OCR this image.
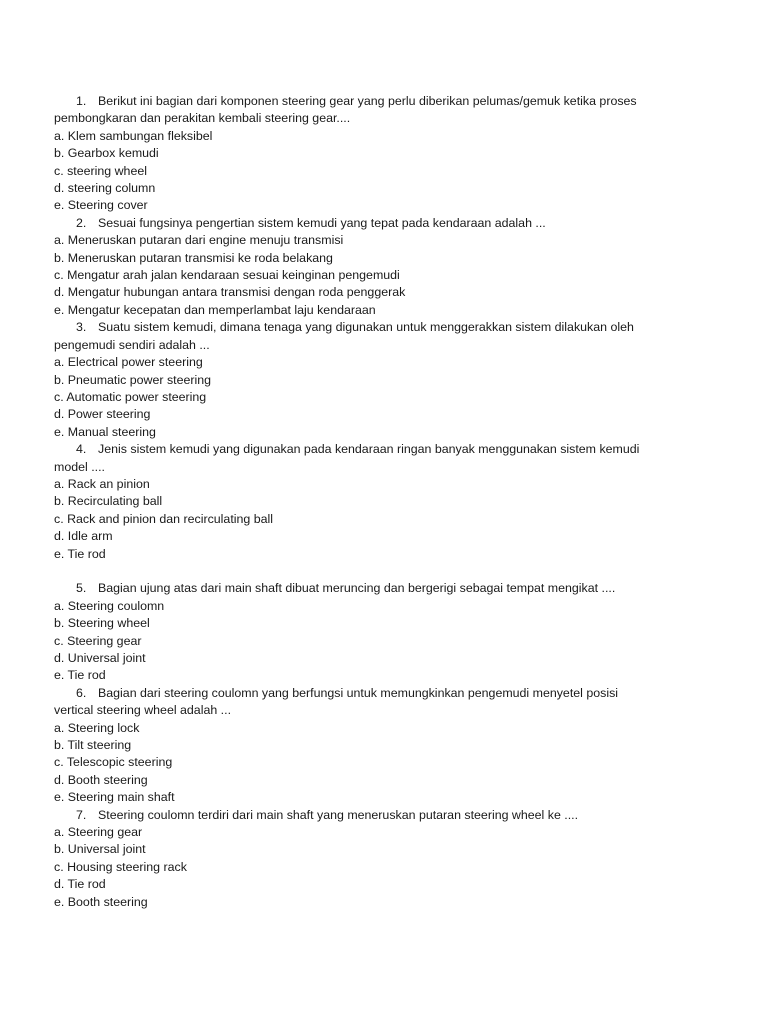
1. Berikut ini bagian dari komponen steering gear yang perlu diberikan pelumas/gemuk ketika proses
pembongkaran dan perakitan kembali steering gear....
a. Klem sambungan fleksibel
b. Gearbox kemudi
c. steering wheel
d. steering column
e. Steering cover
2. Sesuai fungsinya pengertian sistem kemudi yang tepat pada kendaraan adalah ...
a. Meneruskan putaran dari engine menuju transmisi
b. Meneruskan putaran transmisi ke roda belakang
c. Mengatur arah jalan kendaraan sesuai keinginan pengemudi
d. Mengatur hubungan antara transmisi dengan roda penggerak
e. Mengatur kecepatan dan memperlambat laju kendaraan
3. Suatu sistem kemudi, dimana tenaga yang digunakan untuk menggerakkan sistem dilakukan oleh
pengemudi sendiri adalah ...
a. Electrical power steering
b. Pneumatic power steering
c. Automatic power steering
d. Power steering
e. Manual steering
4. Jenis sistem kemudi yang digunakan pada kendaraan ringan banyak menggunakan sistem kemudi
model ....
a. Rack an pinion
b. Recirculating ball
c. Rack and pinion dan recirculating ball
d. Idle arm
e. Tie rod
5. Bagian ujung atas dari main shaft dibuat meruncing dan bergerigi sebagai tempat mengikat ....
a. Steering coulomn
b. Steering wheel
c. Steering gear
d. Universal joint
e. Tie rod
6. Bagian dari steering coulomn yang berfungsi untuk memungkinkan pengemudi menyetel posisi
vertical steering wheel adalah ...
a. Steering lock
b. Tilt steering
c. Telescopic steering
d. Booth steering
e. Steering main shaft
7. Steering coulomn terdiri dari main shaft yang meneruskan putaran steering wheel ke ....
a. Steering gear
b. Universal joint
c. Housing steering rack
d. Tie rod
e. Booth steering
